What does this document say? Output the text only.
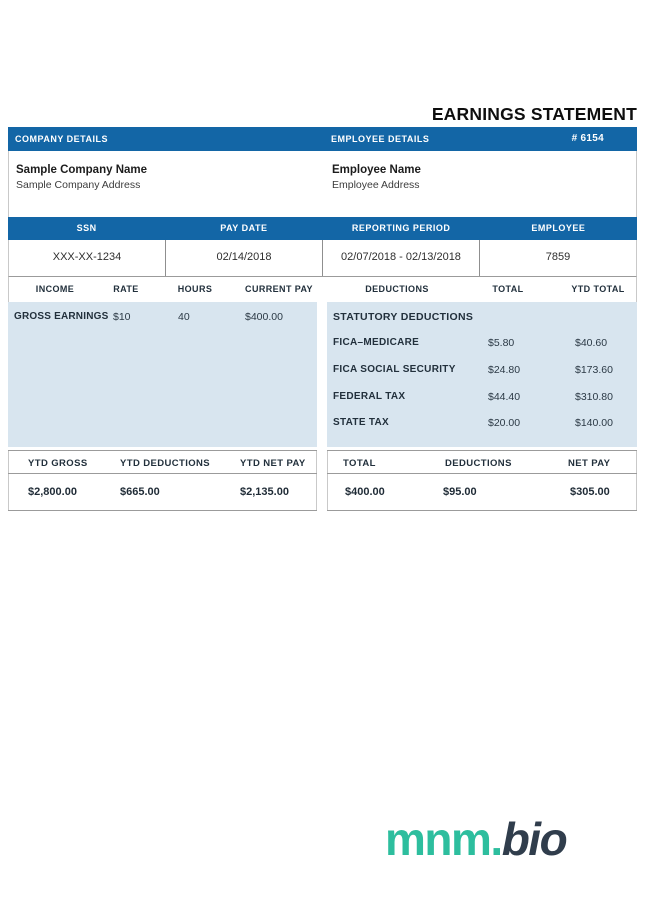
EARNINGS STATEMENT
COMPANY DETAILS	EMPLOYEE DETAILS	# 6154
Sample Company Name
Sample Company Address
Employee Name
Employee Address
SSN	PAY DATE	REPORTING PERIOD	EMPLOYEE
XXX-XX-1234	02/14/2018	02/07/2018 - 02/13/2018	7859
INCOME	RATE	HOURS	CURRENT PAY	DEDUCTIONS	TOTAL	YTD TOTAL
GROSS EARNINGS $10	40	$400.00	STATUTORY DEDUCTIONS
FICA–MEDICARE	$5.80	$40.60
FICA SOCIAL SECURITY	$24.80	$173.60
FEDERAL TAX	$44.40	$310.80
STATE TAX	$20.00	$140.00
YTD GROSS	YTD DEDUCTIONS	YTD NET PAY
$2,800.00	$665.00	$2,135.00
TOTAL	DEDUCTIONS	NET PAY
$400.00	$95.00	$305.00
mnm.bio
